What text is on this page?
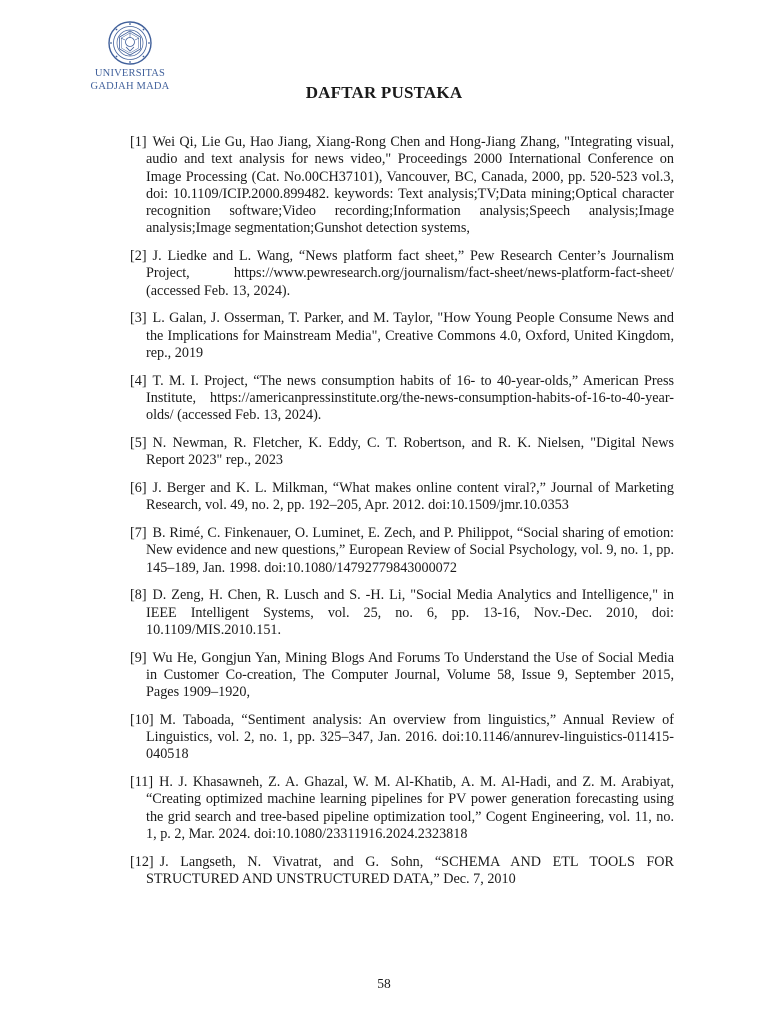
UNIVERSITAS
GADJAH MADA	DAFTAR PUSTAKA
[1] Wei Qi, Lie Gu, Hao Jiang, Xiang-Rong Chen and Hong-Jiang Zhang, "Integrating visual, audio and text analysis for news video," Proceedings 2000 International Conference on Image Processing (Cat. No.00CH37101), Vancouver, BC, Canada, 2000, pp. 520-523 vol.3, doi: 10.1109/ICIP.2000.899482. keywords: Text analysis;TV;Data mining;Optical character recognition software;Video recording;Information analysis;Speech analysis;Image analysis;Image segmentation;Gunshot detection systems,
[2] J. Liedke and L. Wang, “News platform fact sheet,” Pew Research Center’s Journalism Project, https://www.pewresearch.org/journalism/fact-sheet/news-platform-fact-sheet/ (accessed Feb. 13, 2024).
[3] L. Galan, J. Osserman, T. Parker, and M. Taylor, "How Young People Consume News and the Implications for Mainstream Media", Creative Commons 4.0, Oxford, United Kingdom, rep., 2019
[4] T. M. I. Project, “The news consumption habits of 16- to 40-year-olds,” American Press Institute, https://americanpressinstitute.org/the-news-consumption-habits-of-16-to-40-year-olds/ (accessed Feb. 13, 2024).
[5] N. Newman, R. Fletcher, K. Eddy, C. T. Robertson, and R. K. Nielsen, "Digital News Report 2023" rep., 2023
[6] J. Berger and K. L. Milkman, “What makes online content viral?,” Journal of Marketing Research, vol. 49, no. 2, pp. 192–205, Apr. 2012. doi:10.1509/jmr.10.0353
[7] B. Rimé, C. Finkenauer, O. Luminet, E. Zech, and P. Philippot, “Social sharing of emotion: New evidence and new questions,” European Review of Social Psychology, vol. 9, no. 1, pp. 145–189, Jan. 1998. doi:10.1080/14792779843000072
[8] D. Zeng, H. Chen, R. Lusch and S. -H. Li, "Social Media Analytics and Intelligence," in IEEE Intelligent Systems, vol. 25, no. 6, pp. 13-16, Nov.-Dec. 2010, doi: 10.1109/MIS.2010.151.
[9] Wu He, Gongjun Yan, Mining Blogs And Forums To Understand the Use of Social Media in Customer Co-creation, The Computer Journal, Volume 58, Issue 9, September 2015, Pages 1909–1920,
[10] M. Taboada, “Sentiment analysis: An overview from linguistics,” Annual Review of Linguistics, vol. 2, no. 1, pp. 325–347, Jan. 2016. doi:10.1146/annurev-linguistics-011415-040518
[11] H. J. Khasawneh, Z. A. Ghazal, W. M. Al-Khatib, A. M. Al-Hadi, and Z. M. Arabiyat, “Creating optimized machine learning pipelines for PV power generation forecasting using the grid search and tree-based pipeline optimization tool,” Cogent Engineering, vol. 11, no. 1, p. 2, Mar. 2024. doi:10.1080/23311916.2024.2323818
[12] J. Langseth, N. Vivatrat, and G. Sohn, “SCHEMA AND ETL TOOLS FOR STRUCTURED AND UNSTRUCTURED DATA,” Dec. 7, 2010
58
